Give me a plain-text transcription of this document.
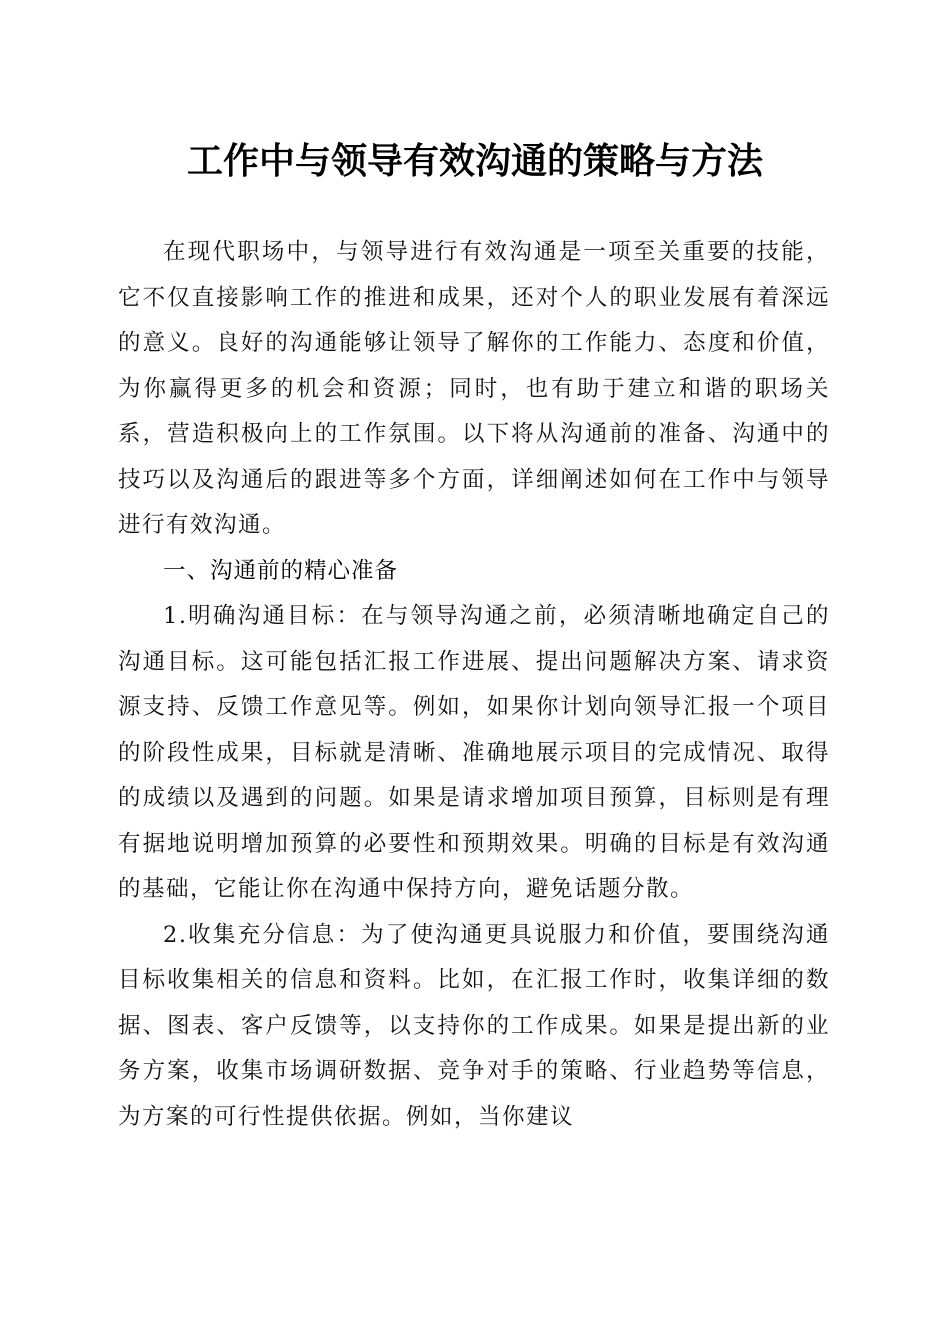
工作中与领导有效沟通的策略与方法

在现代职场中，与领导进行有效沟通是一项至关重要的技能，它不仅直接影响工作的推进和成果，还对个人的职业发展有着深远的意义。良好的沟通能够让领导了解你的工作能力、态度和价值，为你赢得更多的机会和资源；同时，也有助于建立和谐的职场关系，营造积极向上的工作氛围。以下将从沟通前的准备、沟通中的技巧以及沟通后的跟进等多个方面，详细阐述如何在工作中与领导进行有效沟通。

一、沟通前的精心准备

1.明确沟通目标：在与领导沟通之前，必须清晰地确定自己的沟通目标。这可能包括汇报工作进展、提出问题解决方案、请求资源支持、反馈工作意见等。例如，如果你计划向领导汇报一个项目的阶段性成果，目标就是清晰、准确地展示项目的完成情况、取得的成绩以及遇到的问题。如果是请求增加项目预算，目标则是有理有据地说明增加预算的必要性和预期效果。明确的目标是有效沟通的基础，它能让你在沟通中保持方向，避免话题分散。

2.收集充分信息：为了使沟通更具说服力和价值，要围绕沟通目标收集相关的信息和资料。比如，在汇报工作时，收集详细的数据、图表、客户反馈等，以支持你的工作成果。如果是提出新的业务方案，收集市场调研数据、竞争对手的策略、行业趋势等信息，为方案的可行性提供依据。例如，当你建议
